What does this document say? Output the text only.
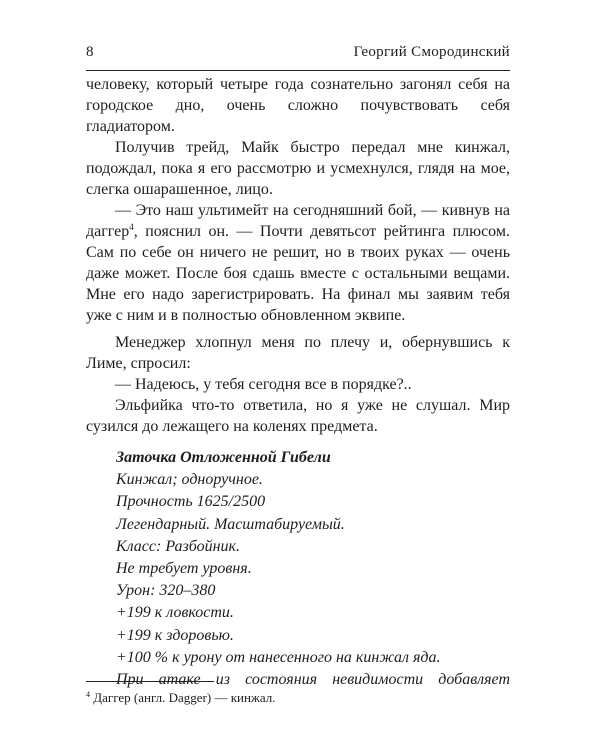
8	Георгий Смородинский

человеку, который четыре года сознательно загонял себя на городское дно, очень сложно почувствовать себя гладиатором.

Получив трейд, Майк быстро передал мне кинжал, подождал, пока я его рассмотрю и усмехнулся, глядя на мое, слегка ошарашенное, лицо.

— Это наш ультимейт на сегодняшний бой, — кивнув на даггер$^4$, пояснил он. — Почти девятьсот рейтинга плюсом. Сам по себе он ничего не решит, но в твоих руках — очень даже может. После боя сдашь вместе с остальными вещами. Мне его надо зарегистрировать. На финал мы заявим тебя уже с ним и в полностью обновленном эквипе.

Менеджер хлопнул меня по плечу и, обернувшись к Лиме, спросил:

— Надеюсь, у тебя сегодня все в порядке?..

Эльфийка что-то ответила, но я уже не слушал. Мир сузился до лежащего на коленях предмета.

Заточка Отложенной Гибели
Кинжал; одноручное.
Прочность 1625/2500
Легендарный. Масштабируемый.
Класс: Разбойник.
Не требует уровня.
Урон: 320–380
+199 к ловкости.
+199 к здоровью.
+100 % к урону от нанесенного на кинжал яда.
При атаке из состояния невидимости добавляет
$^4$ Даггер (англ. Dagger) — кинжал.
